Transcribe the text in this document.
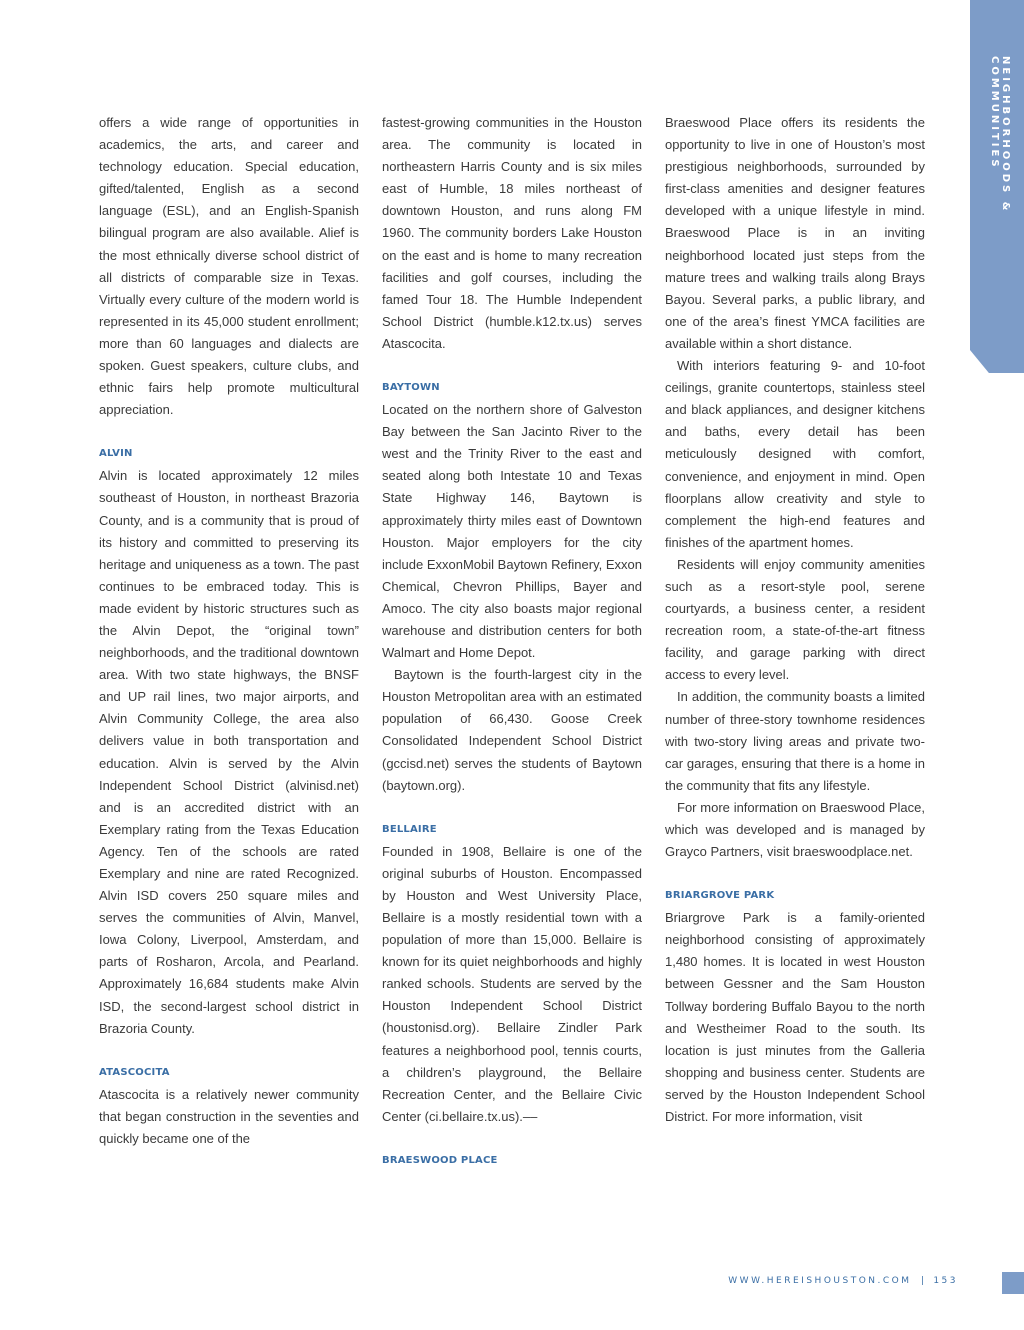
NEIGHBORHOODS & COMMUNITIES

offers a wide range of opportunities in academics, the arts, and career and technology education. Special education, gifted/talented, English as a second language (ESL), and an English-Spanish bilingual program are also available. Alief is the most ethnically diverse school district of all districts of comparable size in Texas. Virtually every culture of the modern world is represented in its 45,000 student enrollment; more than 60 languages and dialects are spoken. Guest speakers, culture clubs, and ethnic fairs help promote multicultural appreciation.

ALVIN

Alvin is located approximately 12 miles southeast of Houston, in northeast Brazoria County, and is a community that is proud of its history and committed to preserving its heritage and uniqueness as a town. The past continues to be embraced today. This is made evident by historic structures such as the Alvin Depot, the “original town” neighborhoods, and the traditional downtown area. With two state highways, the BNSF and UP rail lines, two major airports, and Alvin Community College, the area also delivers value in both transportation and education. Alvin is served by the Alvin Independent School District (alvinisd.net) and is an accredited district with an Exemplary rating from the Texas Education Agency. Ten of the schools are rated Exemplary and nine are rated Recognized. Alvin ISD covers 250 square miles and serves the communities of Alvin, Manvel, Iowa Colony, Liverpool, Amsterdam, and parts of Rosharon, Arcola, and Pearland. Approximately 16,684 students make Alvin ISD, the second-largest school district in Brazoria County.

ATASCOCITA

Atascocita is a relatively newer community that began construction in the seventies and quickly became one of the

fastest-growing communities in the Houston area. The community is located in northeastern Harris County and is six miles east of Humble, 18 miles northeast of downtown Houston, and runs along FM 1960. The community borders Lake Houston on the east and is home to many recreation facilities and golf courses, including the famed Tour 18. The Humble Independent School District (humble.k12.tx.us) serves Atascocita.

BAYTOWN

Located on the northern shore of Galveston Bay between the San Jacinto River to the west and the Trinity River to the east and seated along both Intestate 10 and Texas State Highway 146, Baytown is approximately thirty miles east of Downtown Houston. Major employers for the city include ExxonMobil Baytown Refinery, Exxon Chemical, Chevron Phillips, Bayer and Amoco. The city also boasts major regional warehouse and distribution centers for both Walmart and Home Depot.

Baytown is the fourth-largest city in the Houston Metropolitan area with an estimated population of 66,430. Goose Creek Consolidated Independent School District (gccisd.net) serves the students of Baytown (baytown.org).

BELLAIRE

Founded in 1908, Bellaire is one of the original suburbs of Houston. Encompassed by Houston and West University Place, Bellaire is a mostly residential town with a population of more than 15,000. Bellaire is known for its quiet neighborhoods and highly ranked schools. Students are served by the Houston Independent School District (houstonisd.org). Bellaire Zindler Park features a neighborhood pool, tennis courts, a children’s playground, the Bellaire Recreation Center, and the Bellaire Civic Center (ci.bellaire.tx.us).––

BRAESWOOD PLACE

Braeswood Place offers its residents the opportunity to live in one of Houston’s most prestigious neighborhoods, surrounded by first-class amenities and designer features developed with a unique lifestyle in mind. Braeswood Place is in an inviting neighborhood located just steps from the mature trees and walking trails along Brays Bayou. Several parks, a public library, and one of the area’s finest YMCA facilities are available within a short distance.

With interiors featuring 9- and 10-foot ceilings, granite countertops, stainless steel and black appliances, and designer kitchens and baths, every detail has been meticulously designed with comfort, convenience, and enjoyment in mind. Open floorplans allow creativity and style to complement the high-end features and finishes of the apartment homes.

Residents will enjoy community amenities such as a resort-style pool, serene courtyards, a business center, a resident recreation room, a state-of-the-art fitness facility, and garage parking with direct access to every level.

In addition, the community boasts a limited number of three-story townhome residences with two-story living areas and private two-car garages, ensuring that there is a home in the community that fits any lifestyle.

For more information on Braeswood Place, which was developed and is managed by Grayco Partners, visit braeswoodplace.net.

BRIARGROVE PARK

Briargrove Park is a family-oriented neighborhood consisting of approximately 1,480 homes. It is located in west Houston between Gessner and the Sam Houston Tollway bordering Buffalo Bayou to the north and Westheimer Road to the south. Its location is just minutes from the Galleria shopping and business center. Students are served by the Houston Independent School District. For more information, visit

WWW.HEREISHOUSTON.COM | 153
